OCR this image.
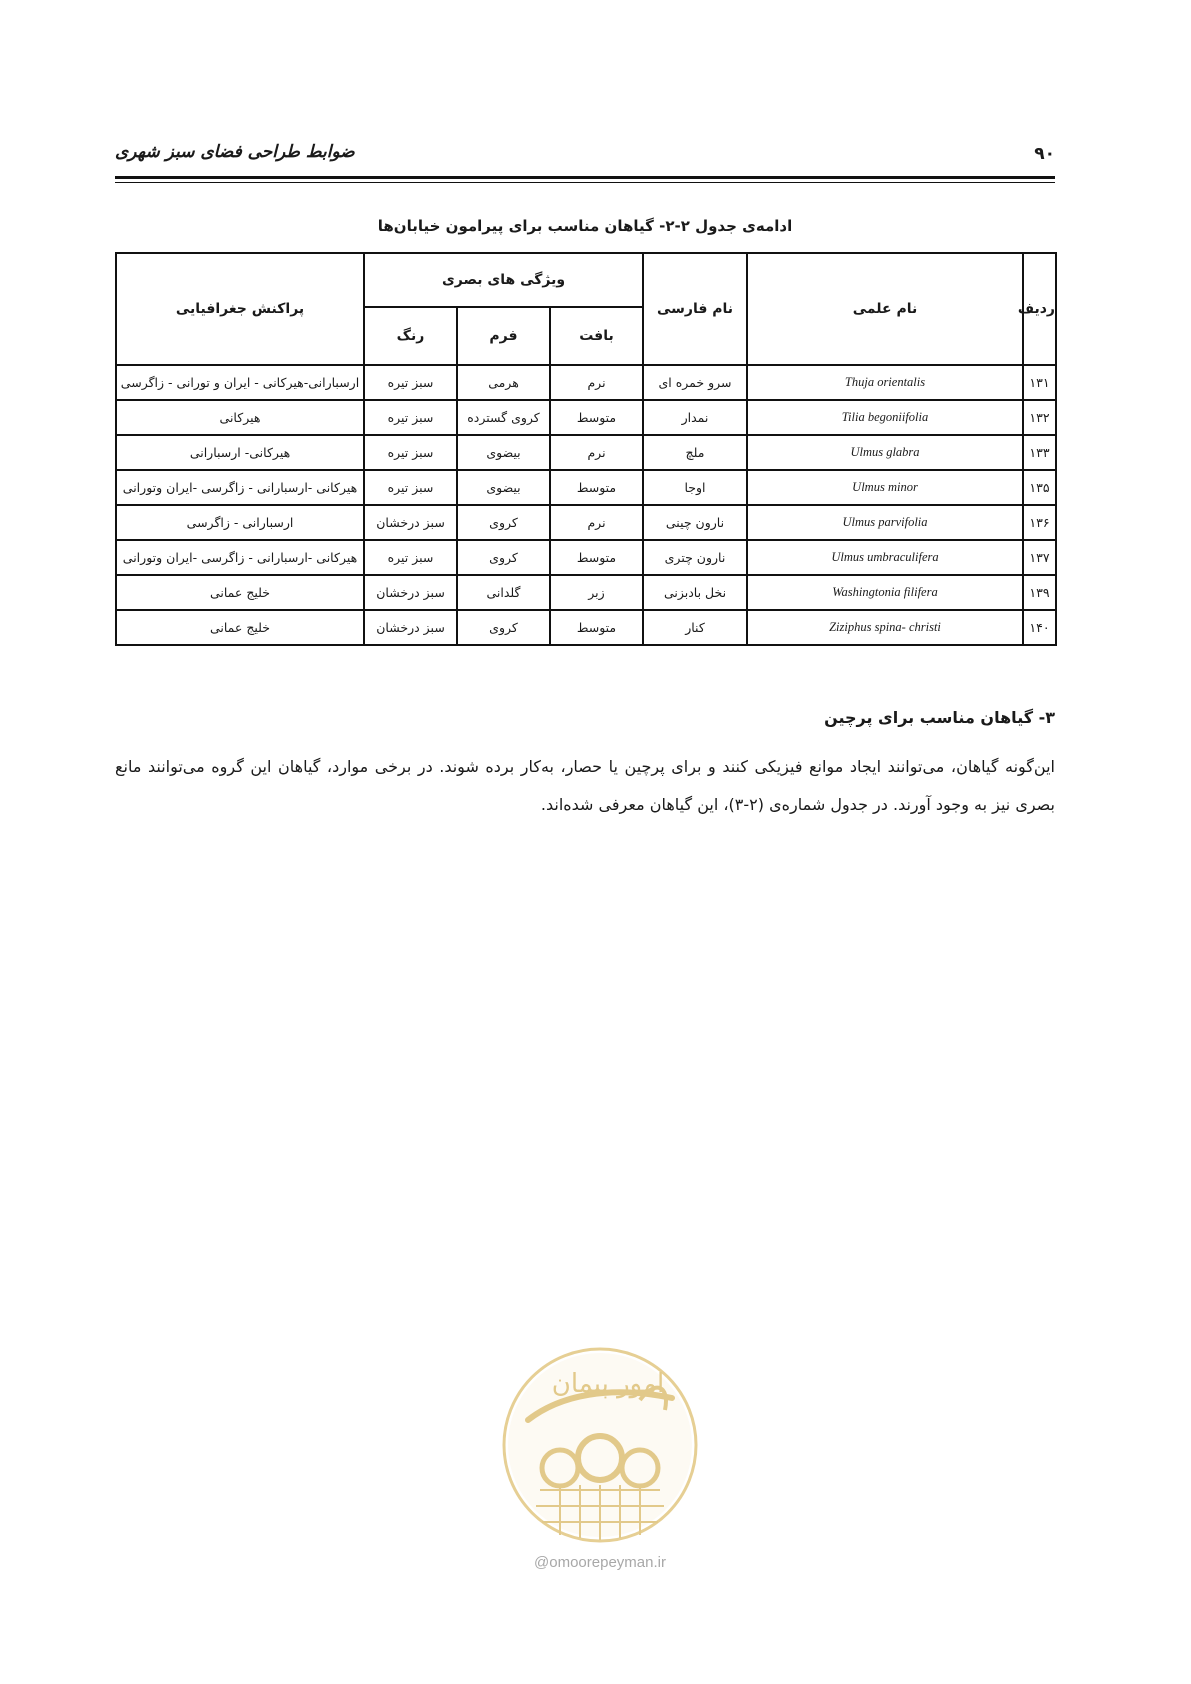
۹۰
ضوابط طراحی فضای سبز شهری
ادامه‌ی جدول ۲-۲- گیاهان مناسب برای پیرامون خیابان‌ها
ردیف	نام علمی	نام فارسی	ویژگی های بصری			پراکنش جغرافیایی
			بافت	فرم	رنگ	
۱۳۱	Thuja orientalis	سرو خمره ای	نرم	هرمی	سبز تیره	ارسبارانی-هیرکانی - ایران و تورانی - زاگرسی
۱۳۲	Tilia begoniifolia	نمدار	متوسط	کروی گسترده	سبز تیره	هیرکانی
۱۳۳	Ulmus glabra	ملچ	نرم	بیضوی	سبز تیره	هیرکانی- ارسبارانی
۱۳۵	Ulmus minor	اوجا	متوسط	بیضوی	سبز تیره	هیرکانی -ارسبارانی - زاگرسی -ایران وتورانی
۱۳۶	Ulmus parvifolia	نارون چینی	نرم	کروی	سبز درخشان	ارسبارانی - زاگرسی
۱۳۷	Ulmus umbraculifera	نارون چتری	متوسط	کروی	سبز تیره	هیرکانی -ارسبارانی - زاگرسی -ایران وتورانی
۱۳۹	Washingtonia filifera	نخل بادبزنی	زبر	گلدانی	سبز درخشان	خلیج عمانی
۱۴۰	Ziziphus spina- christi	کنار	متوسط	کروی	سبز درخشان	خلیج عمانی
۳- گیاهان مناسب برای پرچین
این‌گونه گیاهان، می‌توانند ایجاد موانع فیزیکی کنند و برای پرچین یا حصار، به‌کار برده شوند. در برخی موارد، گیاهان این گروه می‌توانند مانع بصری نیز به وجود آورند. در جدول شماره‌ی (۲-۳)، این گیاهان معرفی شده‌اند.
امور پیمان
@omoorepeyman.ir
